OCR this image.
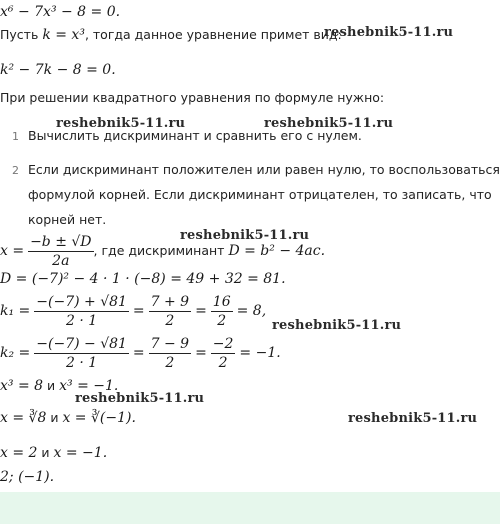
x⁶ − 7x³ − 8 = 0.
Пусть k = x³, тогда данное уравнение примет вид:
k² − 7k − 8 = 0.
При решении квадратного уравнения по формуле нужно:
1 Вычислить дискриминант и сравнить его с нулем.
2 Если дискриминант положителен или равен нулю, то воспользоваться
формулой корней. Если дискриминант отрицателен, то записать, что
корней нет.
$x = \frac{-b \pm √D}{2a}$ , где дискриминант D = b² − 4ac.
D = (−7)² − 4 · 1 · (−8) = 49 + 32 = 81.
$k_1 = \frac{-(-7) + √81}{2 \cdot 1} = \frac{7 + 9}{2} = \frac{16}{2} = 8$,
$k_2 = \frac{-(-7) - √81}{2 \cdot 1} = \frac{7 - 9}{2} = \frac{-2}{2} = -1$.
x³ = 8 и x³ = −1.
x = ∛8 и x = ∛(−1).
x = 2 и x = −1.
2; (−1).
reshebnik5-11.ru
reshebnik5-11.ru	reshebnik5-11.ru
reshebnik5-11.ru
reshebnik5-11.ru
reshebnik5-11.ru
reshebnik5-11.ru
